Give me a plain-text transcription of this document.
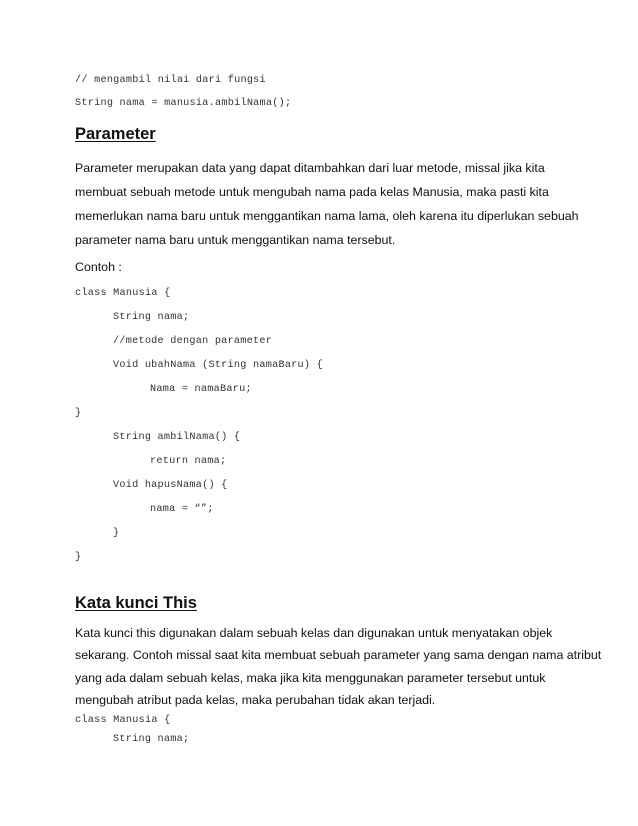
// mengambil nilai dari fungsi
String nama = manusia.ambilNama();
Parameter
Parameter merupakan data yang dapat ditambahkan dari luar metode, missal jika kita
membuat sebuah metode untuk mengubah nama pada kelas Manusia, maka pasti kita
memerlukan nama baru untuk menggantikan nama lama, oleh karena itu diperlukan sebuah
parameter nama baru untuk menggantikan nama tersebut.
Contoh :
class Manusia {
String nama;
//metode dengan parameter
Void ubahNama (String namaBaru) {
Nama = namaBaru;
}
String ambilNama() {
return nama;
Void hapusNama() {
nama = “”;
}
}
Kata kunci This
Kata kunci this digunakan dalam sebuah kelas dan digunakan untuk menyatakan objek
sekarang. Contoh missal saat kita membuat sebuah parameter yang sama dengan nama atribut
yang ada dalam sebuah kelas, maka jika kita menggunakan parameter tersebut untuk
mengubah atribut pada kelas, maka perubahan tidak akan terjadi.
class Manusia {
String nama;
